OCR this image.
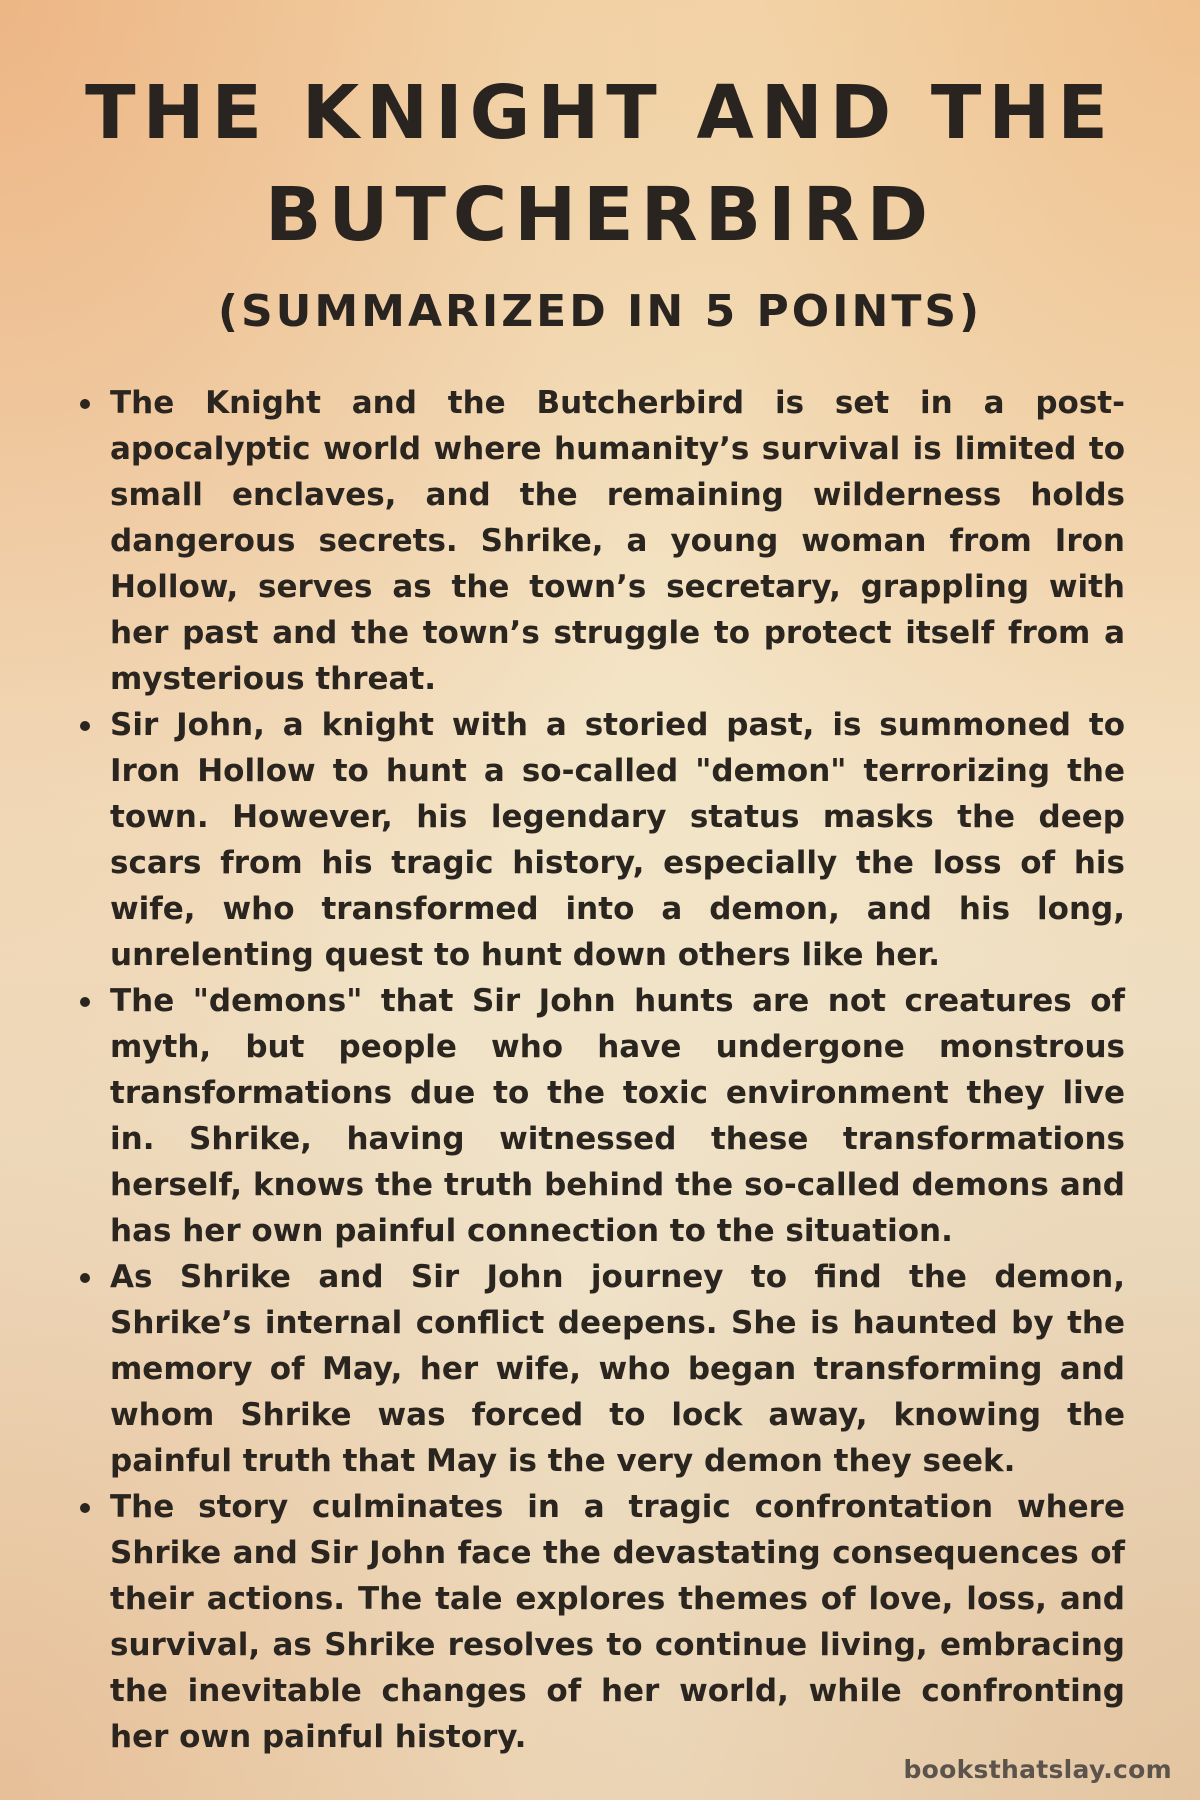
THE KNIGHT AND THE BUTCHERBIRD
(SUMMARIZED IN 5 POINTS)
The Knight and the Butcherbird is set in a post-apocalyptic world where humanity’s survival is limited to small enclaves, and the remaining wilderness holds dangerous secrets. Shrike, a young woman from Iron Hollow, serves as the town’s secretary, grappling with her past and the town’s struggle to protect itself from a mysterious threat.
Sir John, a knight with a storied past, is summoned to Iron Hollow to hunt a so-called "demon" terrorizing the town. However, his legendary status masks the deep scars from his tragic history, especially the loss of his wife, who transformed into a demon, and his long, unrelenting quest to hunt down others like her.
The "demons" that Sir John hunts are not creatures of myth, but people who have undergone monstrous transformations due to the toxic environment they live in. Shrike, having witnessed these transformations herself, knows the truth behind the so-called demons and has her own painful connection to the situation.
As Shrike and Sir John journey to find the demon, Shrike’s internal conflict deepens. She is haunted by the memory of May, her wife, who began transforming and whom Shrike was forced to lock away, knowing the painful truth that May is the very demon they seek.
The story culminates in a tragic confrontation where Shrike and Sir John face the devastating consequences of their actions. The tale explores themes of love, loss, and survival, as Shrike resolves to continue living, embracing the inevitable changes of her world, while confronting her own painful history.
booksthatslay.com
